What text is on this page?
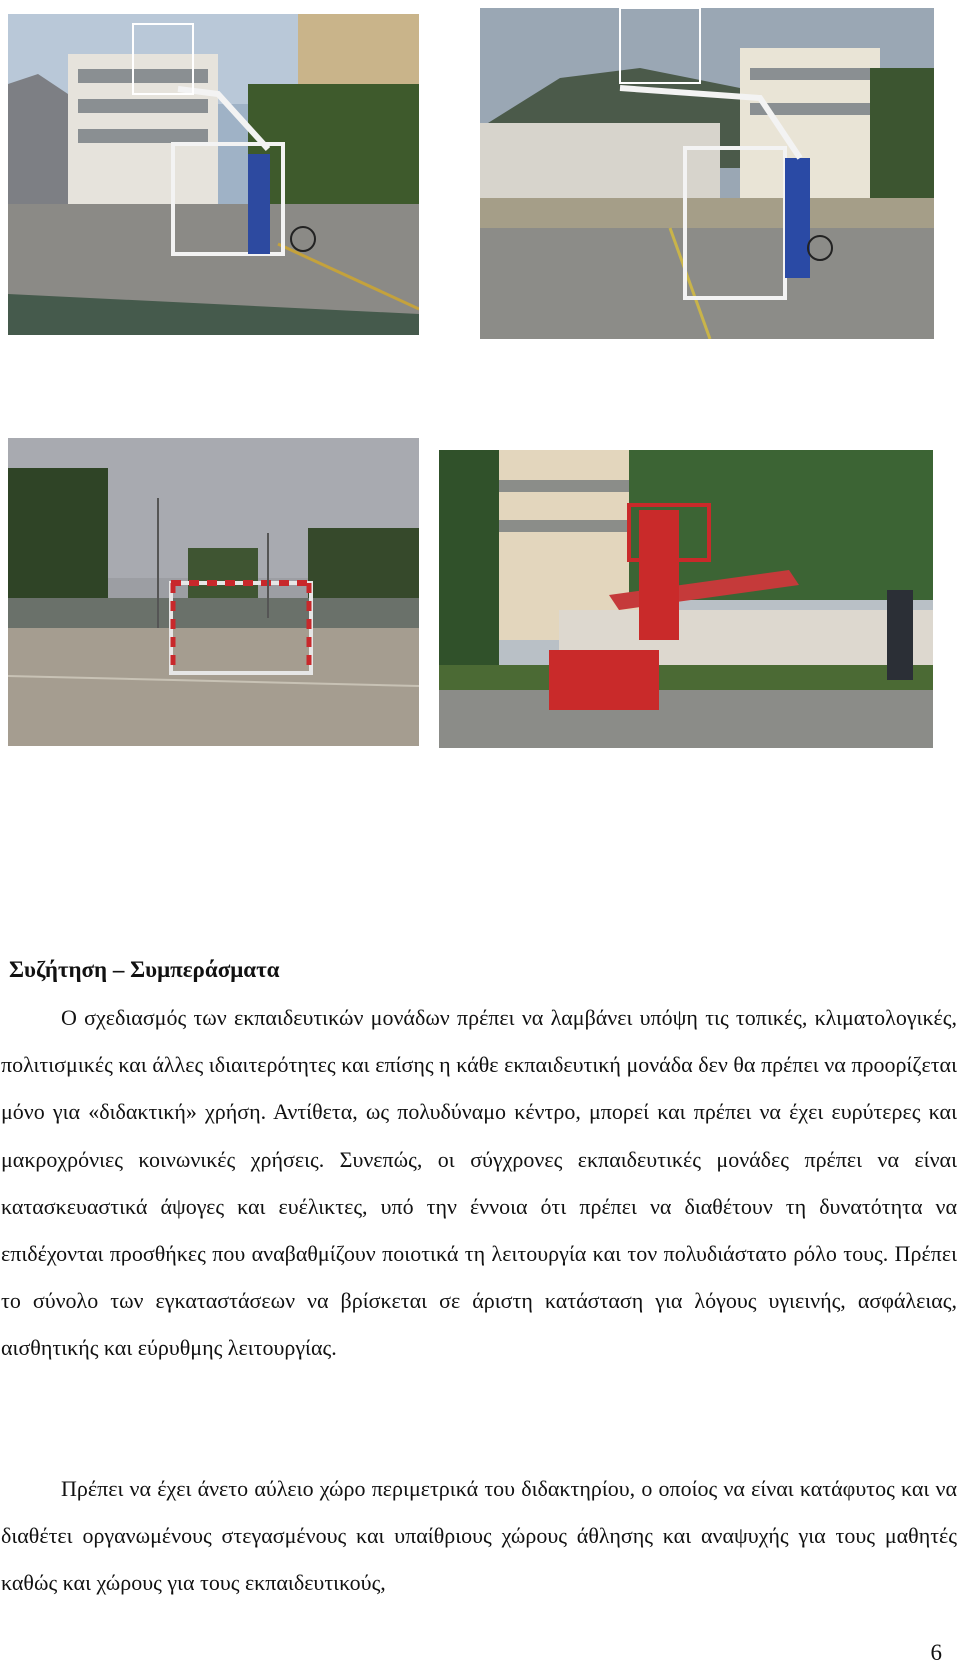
Συζήτηση – Συμπεράσματα
Ο σχεδιασμός των εκπαιδευτικών μονάδων πρέπει να λαμβάνει υπόψη τις τοπικές, κλιματολογικές, πολιτισμικές και άλλες ιδιαιτερότητες και επίσης η κάθε εκπαιδευτική μονάδα δεν θα πρέπει να προορίζεται μόνο για «διδακτική» χρήση. Αντίθετα, ως πολυδύναμο κέντρο, μπορεί και πρέπει να έχει ευρύτερες και μακροχρόνιες κοινωνικές χρήσεις. Συνεπώς, οι σύγχρονες εκπαιδευτικές μονάδες πρέπει να είναι κατασκευαστικά άψογες και ευέλικτες, υπό την έννοια ότι πρέπει να διαθέτουν τη δυνατότητα να επιδέχονται προσθήκες που αναβαθμίζουν ποιοτικά τη λειτουργία και τον πολυδιάστατο ρόλο τους. Πρέπει το σύνολο των εγκαταστάσεων να βρίσκεται σε άριστη κατάσταση για λόγους υγιεινής, ασφάλειας, αισθητικής και εύρυθμης λειτουργίας.
Πρέπει να έχει άνετο αύλειο χώρο περιμετρικά του διδακτηρίου, ο οποίος να είναι κατάφυτος και να διαθέτει οργανωμένους στεγασμένους και υπαίθριους χώρους άθλησης και αναψυχής για τους μαθητές καθώς και χώρους για τους εκπαιδευτικούς,
6
